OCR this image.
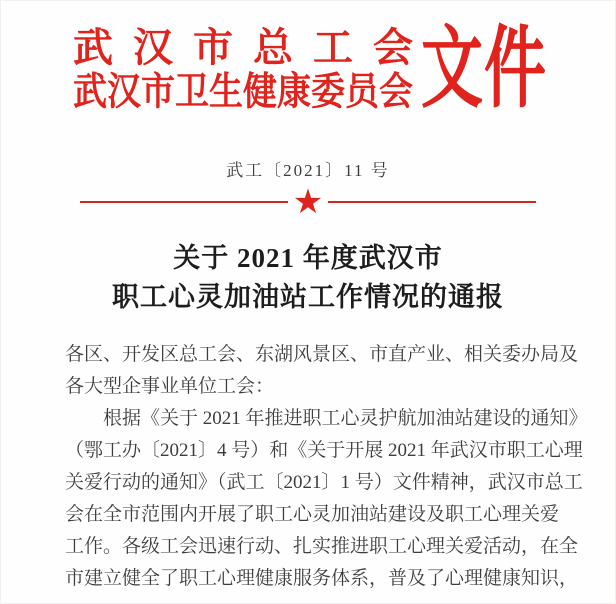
武汉市总工会
武汉市卫生健康委员会 文件
武工〔2021〕11 号
★
关于 2021 年度武汉市
职工心灵加油站工作情况的通报
各区、开发区总工会、东湖风景区、市直产业、相关委办局及
各大型企事业单位工会：
根据《关于 2021 年推进职工心灵护航加油站建设的通知》
（鄂工办〔2021〕4 号）和《关于开展 2021 年武汉市职工心理
关爱行动的通知》（武工〔2021〕1 号）文件精神，武汉市总工
会在全市范围内开展了职工心灵加油站建设及职工心理关爱
工作。各级工会迅速行动、扎实推进职工心理关爱活动，在全
市建立健全了职工心理健康服务体系，普及了心理健康知识，
